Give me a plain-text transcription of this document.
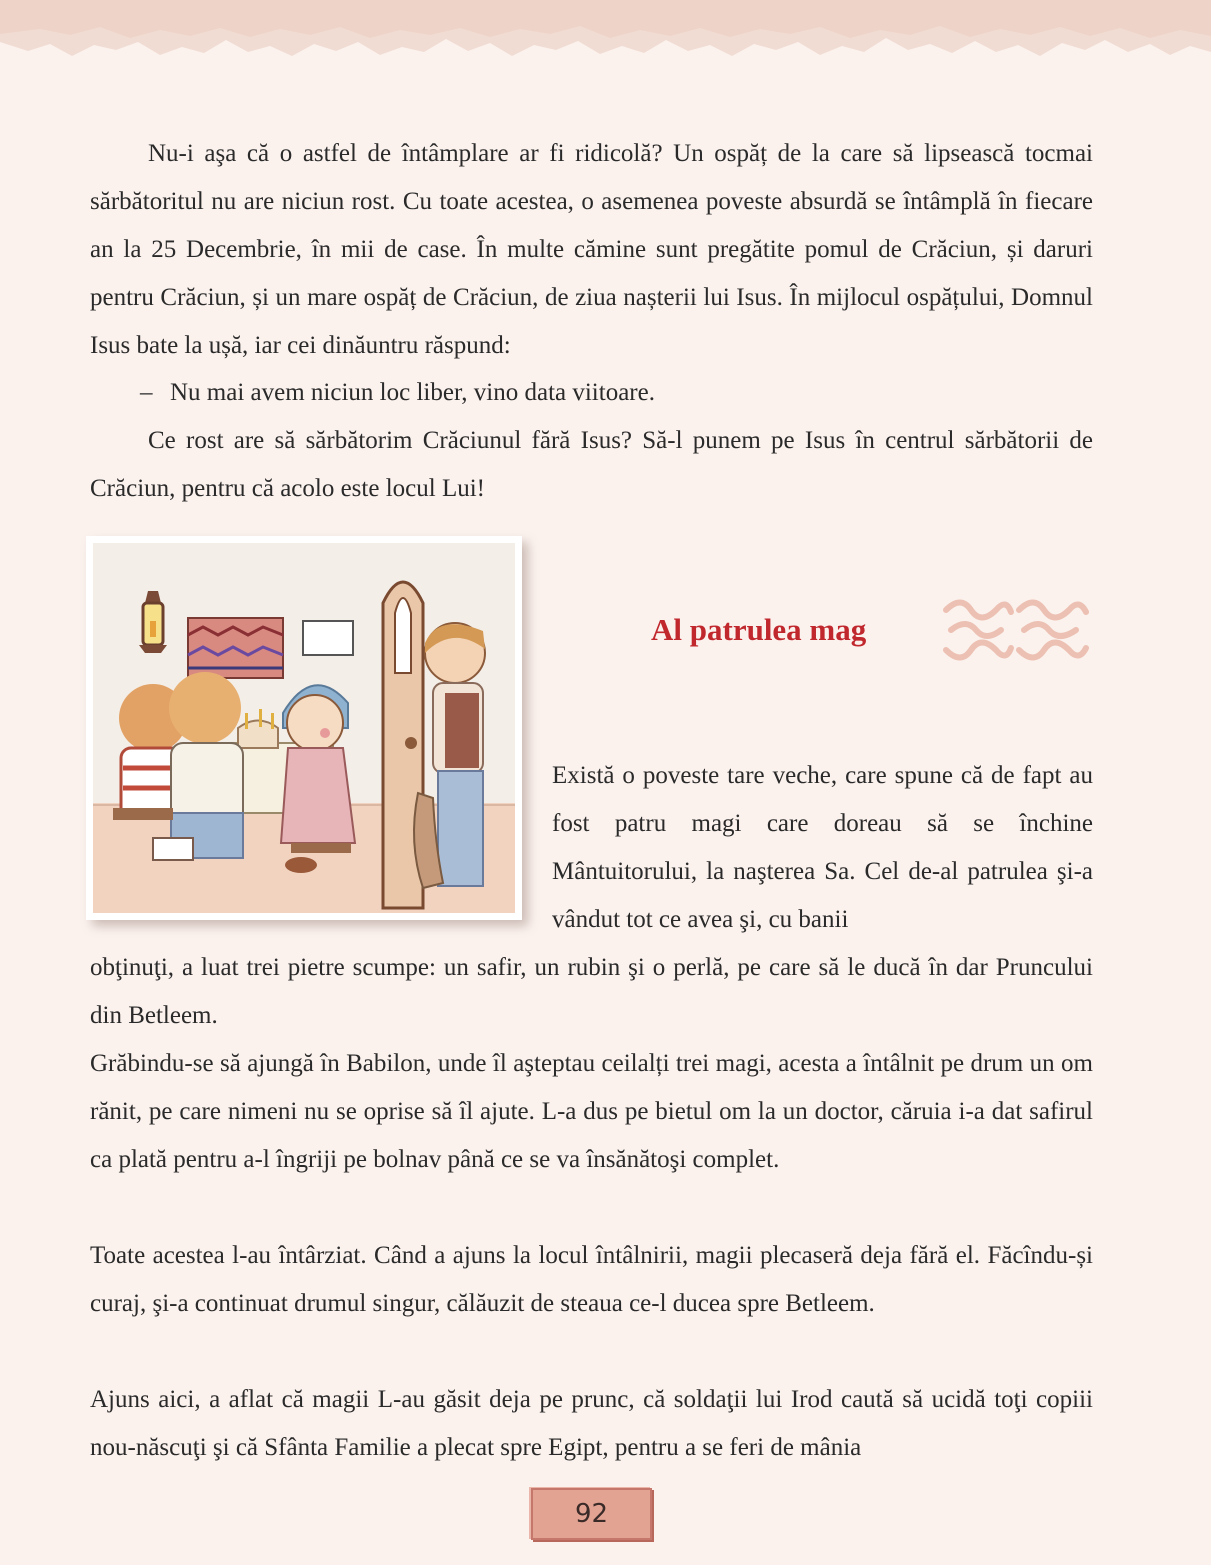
Nu-i aşa că o astfel de întâmplare ar fi ridicolă? Un ospăț de la care să lipsească tocmai sărbătoritul nu are niciun rost. Cu toate acestea, o asemenea poveste absurdă se întâmplă în fiecare an la 25 Decembrie, în mii de case. În multe cămine sunt pregătite pomul de Crăciun, și daruri pentru Crăciun, și un mare ospăț de Crăciun, de ziua nașterii lui Isus. În mijlocul ospățului, Domnul Isus bate la ușă, iar cei dinăuntru răspund:

– Nu mai avem niciun loc liber, vino data viitoare.

Ce rost are să sărbătorim Crăciunul fără Isus? Să-l punem pe Isus în centrul sărbătorii de Crăciun, pentru că acolo este locul Lui!

Al patrulea mag

Există o poveste tare veche, care spune că de fapt au fost patru magi care doreau să se închine Mântuitorului, la naşterea Sa. Cel de-al patrulea şi-a vândut tot ce avea şi, cu banii

obţinuţi, a luat trei pietre scumpe: un safir, un rubin şi o perlă, pe care să le ducă în dar Pruncului din Betleem.

Grăbindu-se să ajungă în Babilon, unde îl aşteptau ceilalți trei magi, acesta a întâlnit pe drum un om rănit, pe care nimeni nu se oprise să îl ajute. L-a dus pe bietul om la un doctor, căruia i-a dat safirul ca plată pentru a-l îngriji pe bolnav până ce se va însănătoşi complet.

Toate acestea l-au întârziat. Când a ajuns la locul întâlnirii, magii plecaseră deja fără el. Făcîndu-și curaj, şi-a continuat drumul singur, călăuzit de steaua ce-l ducea spre Betleem.

Ajuns aici, a aflat că magii L-au găsit deja pe prunc, că soldaţii lui Irod caută să ucidă toţi copiii nou-născuţi şi că Sfânta Familie a plecat spre Egipt, pentru a se feri de mânia

92
